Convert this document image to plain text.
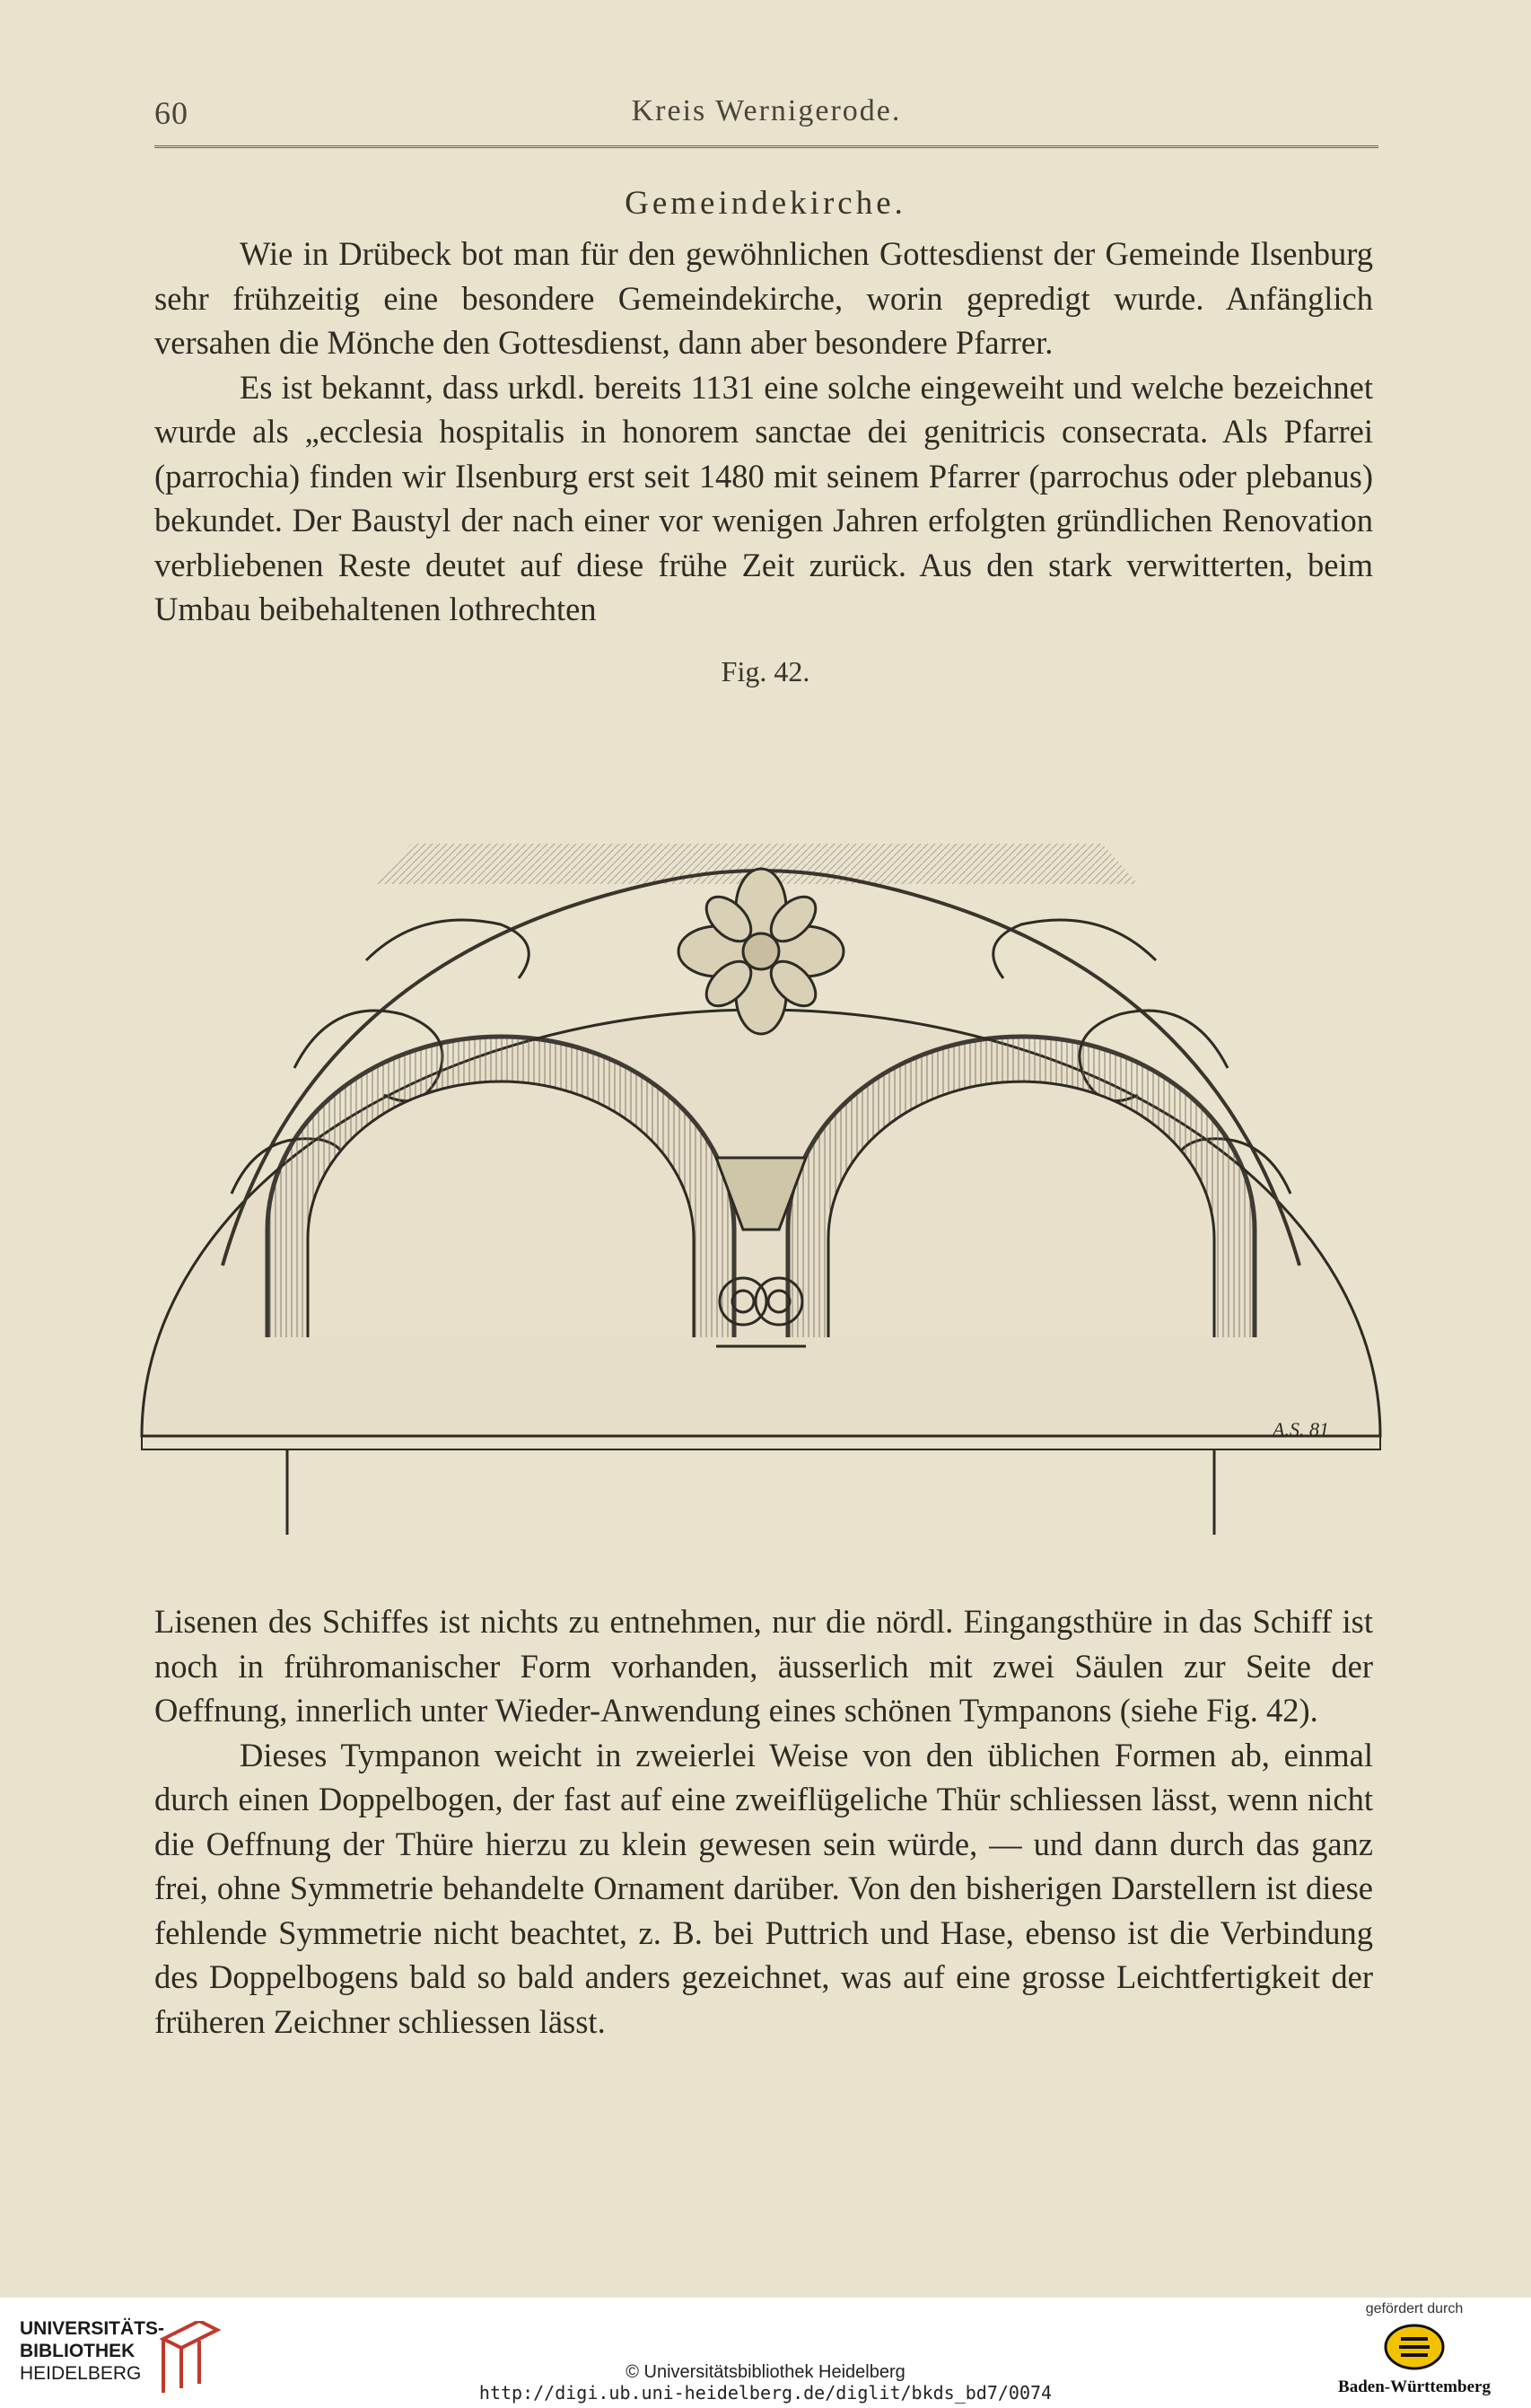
60	Kreis Wernigerode.
Gemeindekirche.

Wie in Drübeck bot man für den gewöhnlichen Gottesdienst der Gemeinde Ilsenburg sehr frühzeitig eine besondere Gemeindekirche, worin gepredigt wurde. Anfänglich versahen die Mönche den Gottesdienst, dann aber besondere Pfarrer.

Es ist bekannt, dass urkdl. bereits 1131 eine solche eingeweiht und welche bezeichnet wurde als „ecclesia hospitalis in honorem sanctae dei genitricis consecrata. Als Pfarrei (parrochia) finden wir Ilsenburg erst seit 1480 mit seinem Pfarrer (parrochus oder plebanus) bekundet. Der Baustyl der nach einer vor wenigen Jahren erfolgten gründlichen Renovation verbliebenen Reste deutet auf diese frühe Zeit zurück. Aus den stark verwitterten, beim Umbau beibehaltenen lothrechten

Fig. 42.
A.S. 81

Lisenen des Schiffes ist nichts zu entnehmen, nur die nördl. Eingangsthüre in das Schiff ist noch in frühromanischer Form vorhanden, äusserlich mit zwei Säulen zur Seite der Oeffnung, innerlich unter Wieder-Anwendung eines schönen Tympanons (siehe Fig. 42).

Dieses Tympanon weicht in zweierlei Weise von den üblichen Formen ab, einmal durch einen Doppelbogen, der fast auf eine zweiflügeliche Thür schliessen lässt, wenn nicht die Oeffnung der Thüre hierzu zu klein gewesen sein würde, — und dann durch das ganz frei, ohne Symmetrie behandelte Ornament darüber. Von den bisherigen Darstellern ist diese fehlende Symmetrie nicht beachtet, z. B. bei Puttrich und Hase, ebenso ist die Verbindung des Doppelbogens bald so bald anders gezeichnet, was auf eine grosse Leichtfertigkeit der früheren Zeichner schliessen lässt.

UNIVERSITÄTS-
BIBLIOTHEK
HEIDELBERG	© Universitätsbibliothek Heidelberg
http://digi.ub.uni-heidelberg.de/diglit/bkds_bd7/0074
gefördert durch
Baden-Württemberg
